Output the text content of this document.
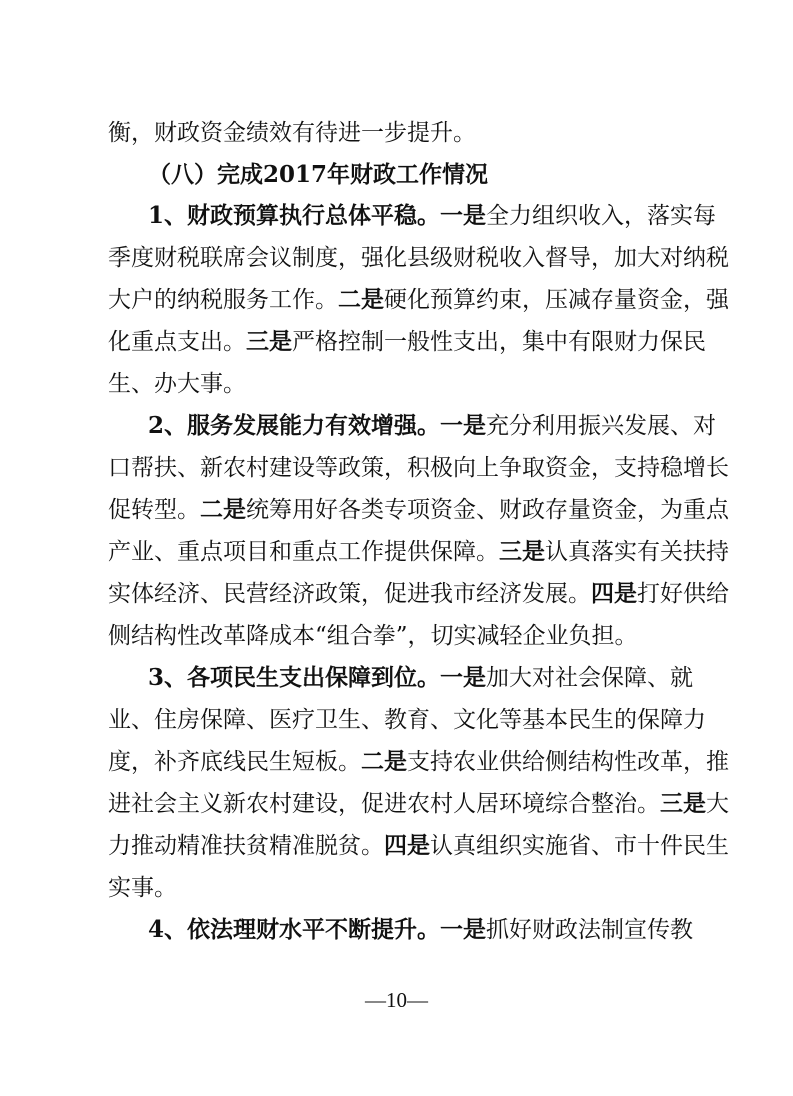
衡，财政资金绩效有待进一步提升。
（八）完成2017年财政工作情况
1、财政预算执行总体平稳。一是全力组织收入，落实每
季度财税联席会议制度，强化县级财税收入督导，加大对纳税
大户的纳税服务工作。二是硬化预算约束，压减存量资金，强
化重点支出。三是严格控制一般性支出，集中有限财力保民
生、办大事。
2、服务发展能力有效增强。一是充分利用振兴发展、对
口帮扶、新农村建设等政策，积极向上争取资金，支持稳增长
促转型。二是统筹用好各类专项资金、财政存量资金，为重点
产业、重点项目和重点工作提供保障。三是认真落实有关扶持
实体经济、民营经济政策，促进我市经济发展。四是打好供给
侧结构性改革降成本“组合拳”，切实减轻企业负担。
3、各项民生支出保障到位。一是加大对社会保障、就
业、住房保障、医疗卫生、教育、文化等基本民生的保障力
度，补齐底线民生短板。二是支持农业供给侧结构性改革，推
进社会主义新农村建设，促进农村人居环境综合整治。三是大
力推动精准扶贫精准脱贫。四是认真组织实施省、市十件民生
实事。
4、依法理财水平不断提升。一是抓好财政法制宣传教
—10—
